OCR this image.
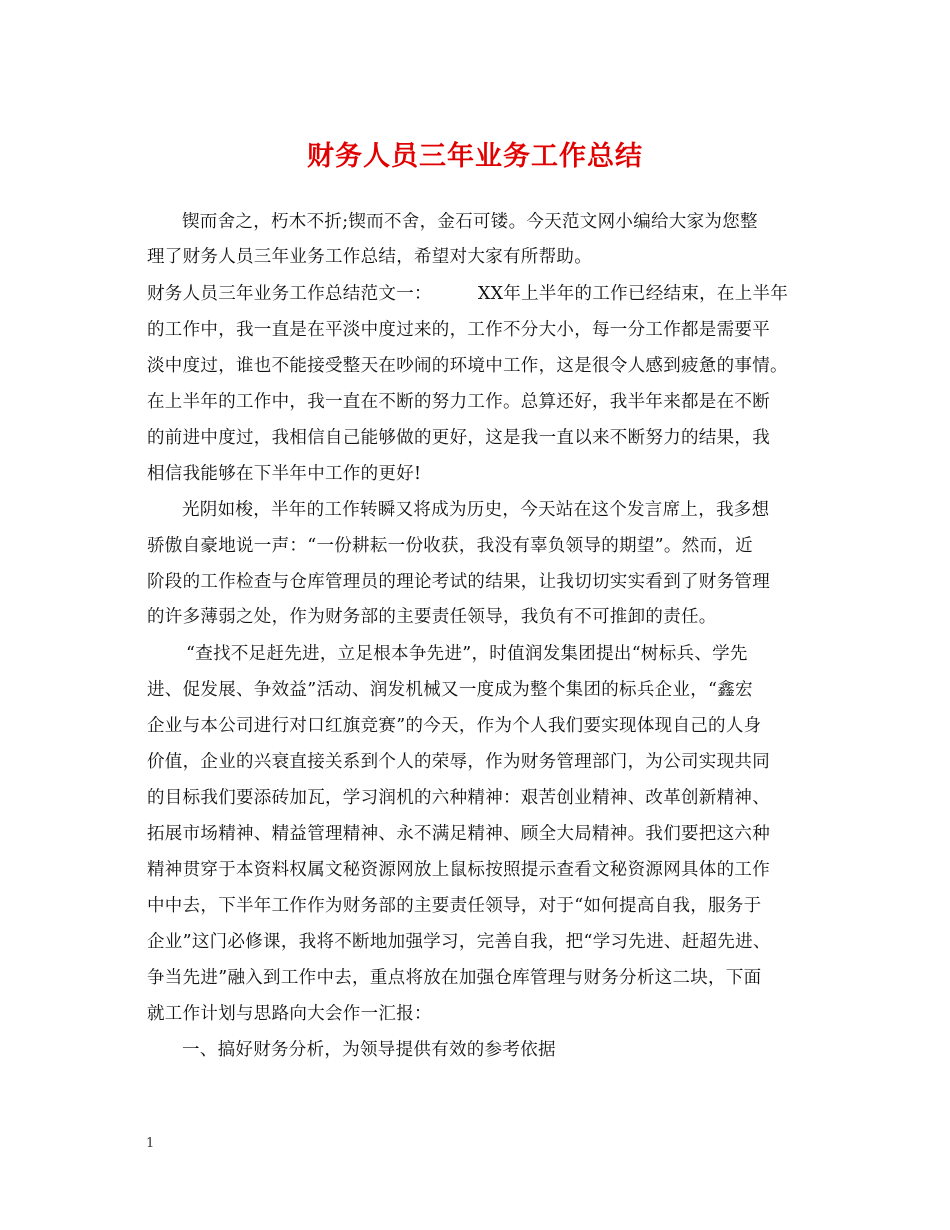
财务人员三年业务工作总结
锲而舍之，朽木不折;锲而不舍，金石可镂。今天范文网小编给大家为您整
理了财务人员三年业务工作总结，希望对大家有所帮助。
财务人员三年业务工作总结范文一：	XX年上半年的工作已经结束，在上半年
的工作中，我一直是在平淡中度过来的，工作不分大小，每一分工作都是需要平
淡中度过，谁也不能接受整天在吵闹的环境中工作，这是很令人感到疲惫的事情。
在上半年的工作中，我一直在不断的努力工作。总算还好，我半年来都是在不断
的前进中度过，我相信自己能够做的更好，这是我一直以来不断努力的结果，我
相信我能够在下半年中工作的更好!
光阴如梭，半年的工作转瞬又将成为历史，今天站在这个发言席上，我多想
骄傲自豪地说一声：“一份耕耘一份收获，我没有辜负领导的期望”。然而，近
阶段的工作检查与仓库管理员的理论考试的结果，让我切切实实看到了财务管理
的许多薄弱之处，作为财务部的主要责任领导，我负有不可推卸的责任。
“查找不足赶先进，立足根本争先进”，时值润发集团提出“树标兵、学先
进、促发展、争效益”活动、润发机械又一度成为整个集团的标兵企业，“鑫宏
企业与本公司进行对口红旗竞赛”的今天，作为个人我们要实现体现自己的人身
价值，企业的兴衰直接关系到个人的荣辱，作为财务管理部门，为公司实现共同
的目标我们要添砖加瓦，学习润机的六种精神：艰苦创业精神、改革创新精神、
拓展市场精神、精益管理精神、永不满足精神、顾全大局精神。我们要把这六种
精神贯穿于本资料权属文秘资源网放上鼠标按照提示查看文秘资源网具体的工作
中中去，下半年工作作为财务部的主要责任领导，对于“如何提高自我，服务于
企业”这门必修课，我将不断地加强学习，完善自我，把“学习先进、赶超先进、
争当先进”融入到工作中去，重点将放在加强仓库管理与财务分析这二块，下面
就工作计划与思路向大会作一汇报：
一、搞好财务分析，为领导提供有效的参考依据
1
